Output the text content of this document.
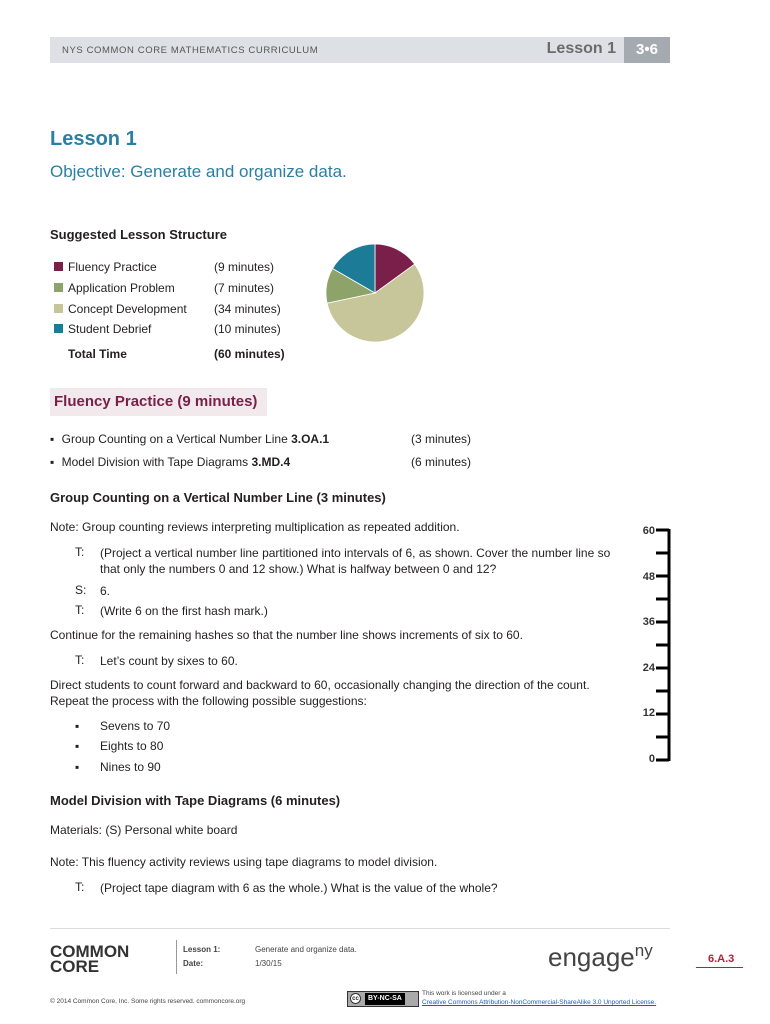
NYS COMMON CORE MATHEMATICS CURRICULUM	Lesson 1	3•6
Lesson 1
Objective: Generate and organize data.
Suggested Lesson Structure
Fluency Practice	(9 minutes)
Application Problem	(7 minutes)
Concept Development (34 minutes)
Student Debrief	(10 minutes)
Total Time	(60 minutes)
Fluency Practice (9 minutes)
▪ Group Counting on a Vertical Number Line 3.OA.1	(3 minutes)
▪ Model Division with Tape Diagrams 3.MD.4	(6 minutes)
Group Counting on a Vertical Number Line (3 minutes)
Note: Group counting reviews interpreting multiplication as repeated addition.
T: (Project a vertical number line partitioned into intervals of 6, as shown. Cover the number line so that only the numbers 0 and 12 show.) What is halfway between 0 and 12?
S: 6.
T: (Write 6 on the first hash mark.)
Continue for the remaining hashes so that the number line shows increments of six to 60.
T: Let’s count by sixes to 60.
Direct students to count forward and backward to 60, occasionally changing the direction of the count. Repeat the process with the following possible suggestions:
▪ Sevens to 70
▪ Eights to 80
▪ Nines to 90
60
48
36
24
12
0
Model Division with Tape Diagrams (6 minutes)
Materials: (S) Personal white board
Note: This fluency activity reviews using tape diagrams to model division.
T: (Project tape diagram with 6 as the whole.) What is the value of the whole?
COMMON
CORE
Lesson 1:	Generate and organize data.
Date:	1/30/15	engage$^{ny}$	6.A.3
© 2014 Common Core, Inc. Some rights reserved. commoncore.org	cc	BY-NC-SA
This work is licensed under a
Creative Commons Attribution-NonCommercial-ShareAlike 3.0 Unported License.
